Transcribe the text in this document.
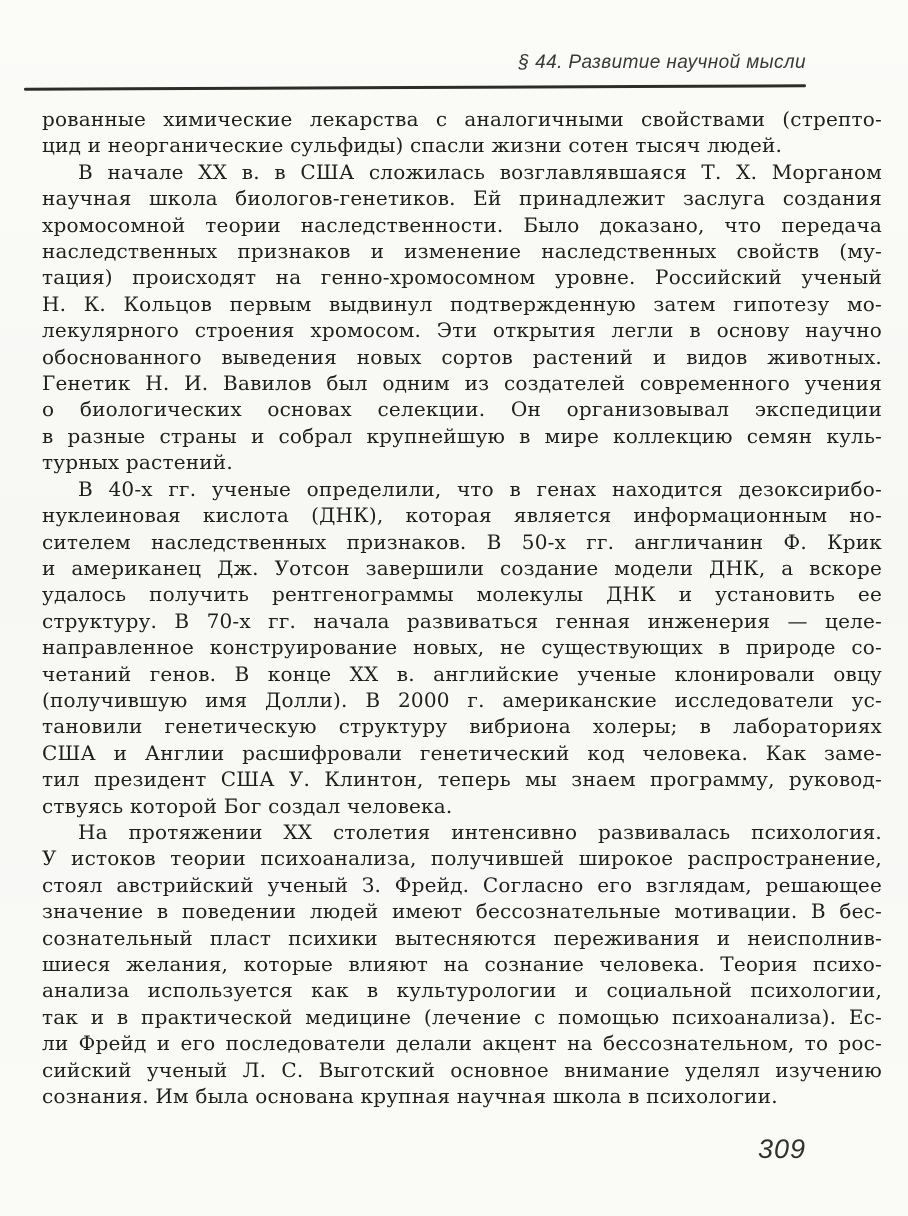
§ 44. Развитие научной мысли
рованные химические лекарства с аналогичными свойствами (стрепто-
цид и неорганические сульфиды) спасли жизни сотен тысяч людей.
В начале XX в. в США сложилась возглавлявшаяся Т. Х. Морганом
научная школа биологов-генетиков. Ей принадлежит заслуга создания
хромосомной теории наследственности. Было доказано, что передача
наследственных признаков и изменение наследственных свойств (му-
тация) происходят на генно-хромосомном уровне. Российский ученый
Н. К. Кольцов первым выдвинул подтвержденную затем гипотезу мо-
лекулярного строения хромосом. Эти открытия легли в основу научно
обоснованного выведения новых сортов растений и видов животных.
Генетик Н. И. Вавилов был одним из создателей современного учения
о биологических основах селекции. Он организовывал экспедиции
в разные страны и собрал крупнейшую в мире коллекцию семян куль-
турных растений.
В 40-х гг. ученые определили, что в генах находится дезоксирибо-
нуклеиновая кислота (ДНК), которая является информационным но-
сителем наследственных признаков. В 50-х гг. англичанин Ф. Крик
и американец Дж. Уотсон завершили создание модели ДНК, а вскоре
удалось получить рентгенограммы молекулы ДНК и установить ее
структуру. В 70-х гг. начала развиваться генная инженерия — целе-
направленное конструирование новых, не существующих в природе со-
четаний генов. В конце XX в. английские ученые клонировали овцу
(получившую имя Долли). В 2000 г. американские исследователи ус-
тановили генетическую структуру вибриона холеры; в лабораториях
США и Англии расшифровали генетический код человека. Как заме-
тил президент США У. Клинтон, теперь мы знаем программу, руковод-
ствуясь которой Бог создал человека.
На протяжении XX столетия интенсивно развивалась психология.
У истоков теории психоанализа, получившей широкое распространение,
стоял австрийский ученый З. Фрейд. Согласно его взглядам, решающее
значение в поведении людей имеют бессознательные мотивации. В бес-
сознательный пласт психики вытесняются переживания и неисполнив-
шиеся желания, которые влияют на сознание человека. Теория психо-
анализа используется как в культурологии и социальной психологии,
так и в практической медицине (лечение с помощью психоанализа). Ес-
ли Фрейд и его последователи делали акцент на бессознательном, то рос-
сийский ученый Л. С. Выготский основное внимание уделял изучению
сознания. Им была основана крупная научная школа в психологии.
309
